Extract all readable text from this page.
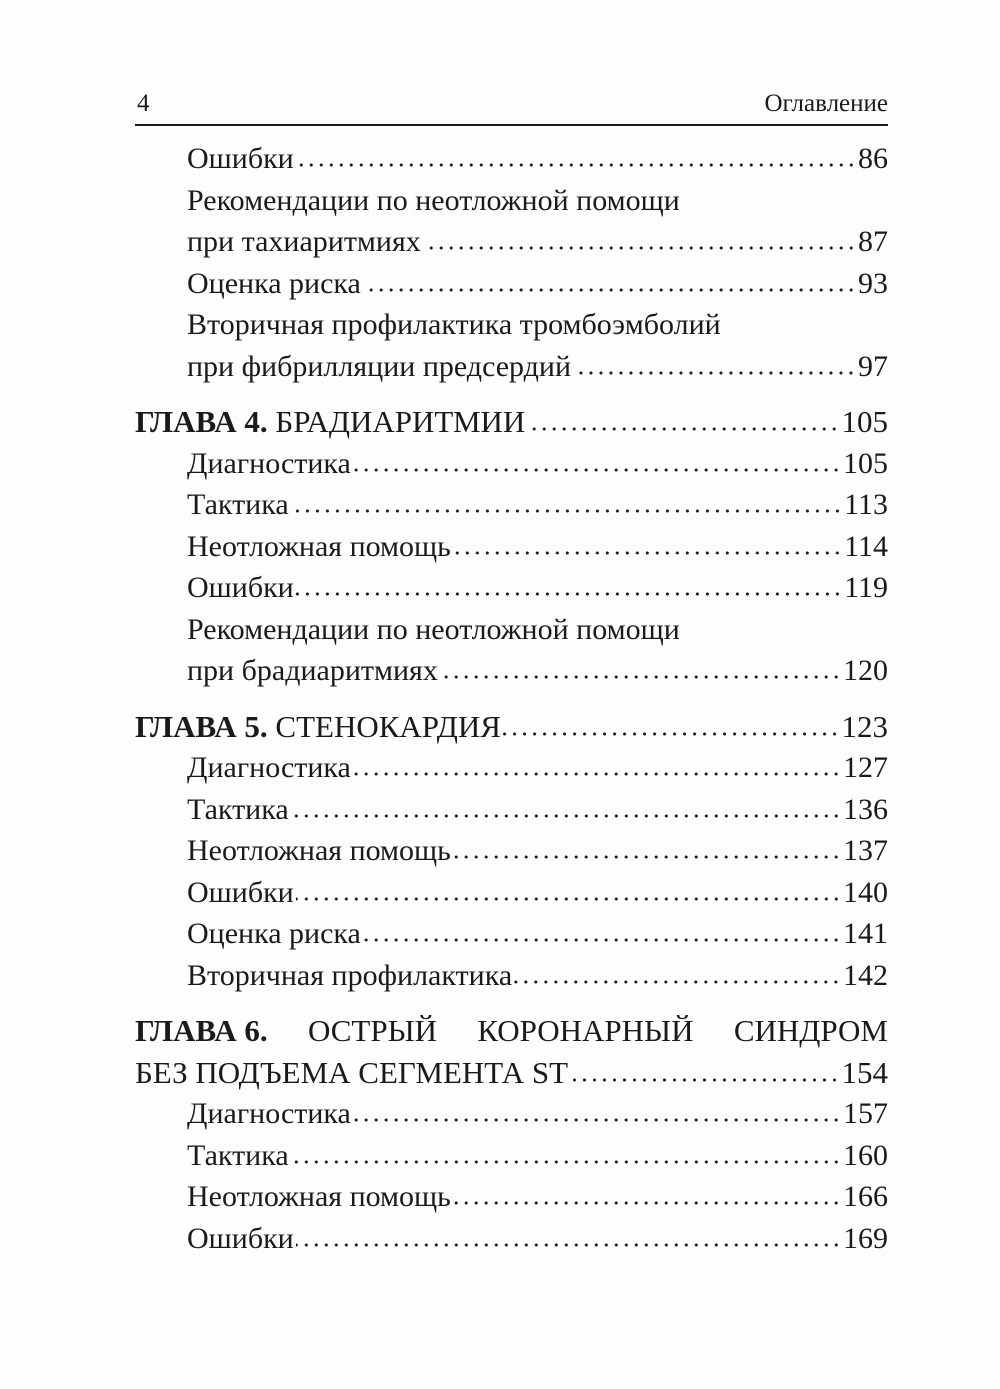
4	Оглавление
Ошибки	86
Рекомендации по неотложной помощи
при тахиаритмиях	87
Оценка риска	93
Вторичная профилактика тромбоэмболий
при фибрилляции предсердий	97
ГЛАВА 4. БРАДИАРИТМИИ	105
Диагностика	105
Тактика	113
Неотложная помощь	114
Ошибки	119
Рекомендации по неотложной помощи
при брадиаритмиях	120
ГЛАВА 5. СТЕНОКАРДИЯ	123
Диагностика	127
Тактика	136
Неотложная помощь	137
Ошибки	140
Оценка риска	141
Вторичная профилактика	142
ГЛАВА 6. ОСТРЫЙ КОРОНАРНЫЙ СИНДРОМ
БЕЗ ПОДЪЕМА СЕГМЕНТА ST	154
Диагностика	157
Тактика	160
Неотложная помощь	166
Ошибки	169
